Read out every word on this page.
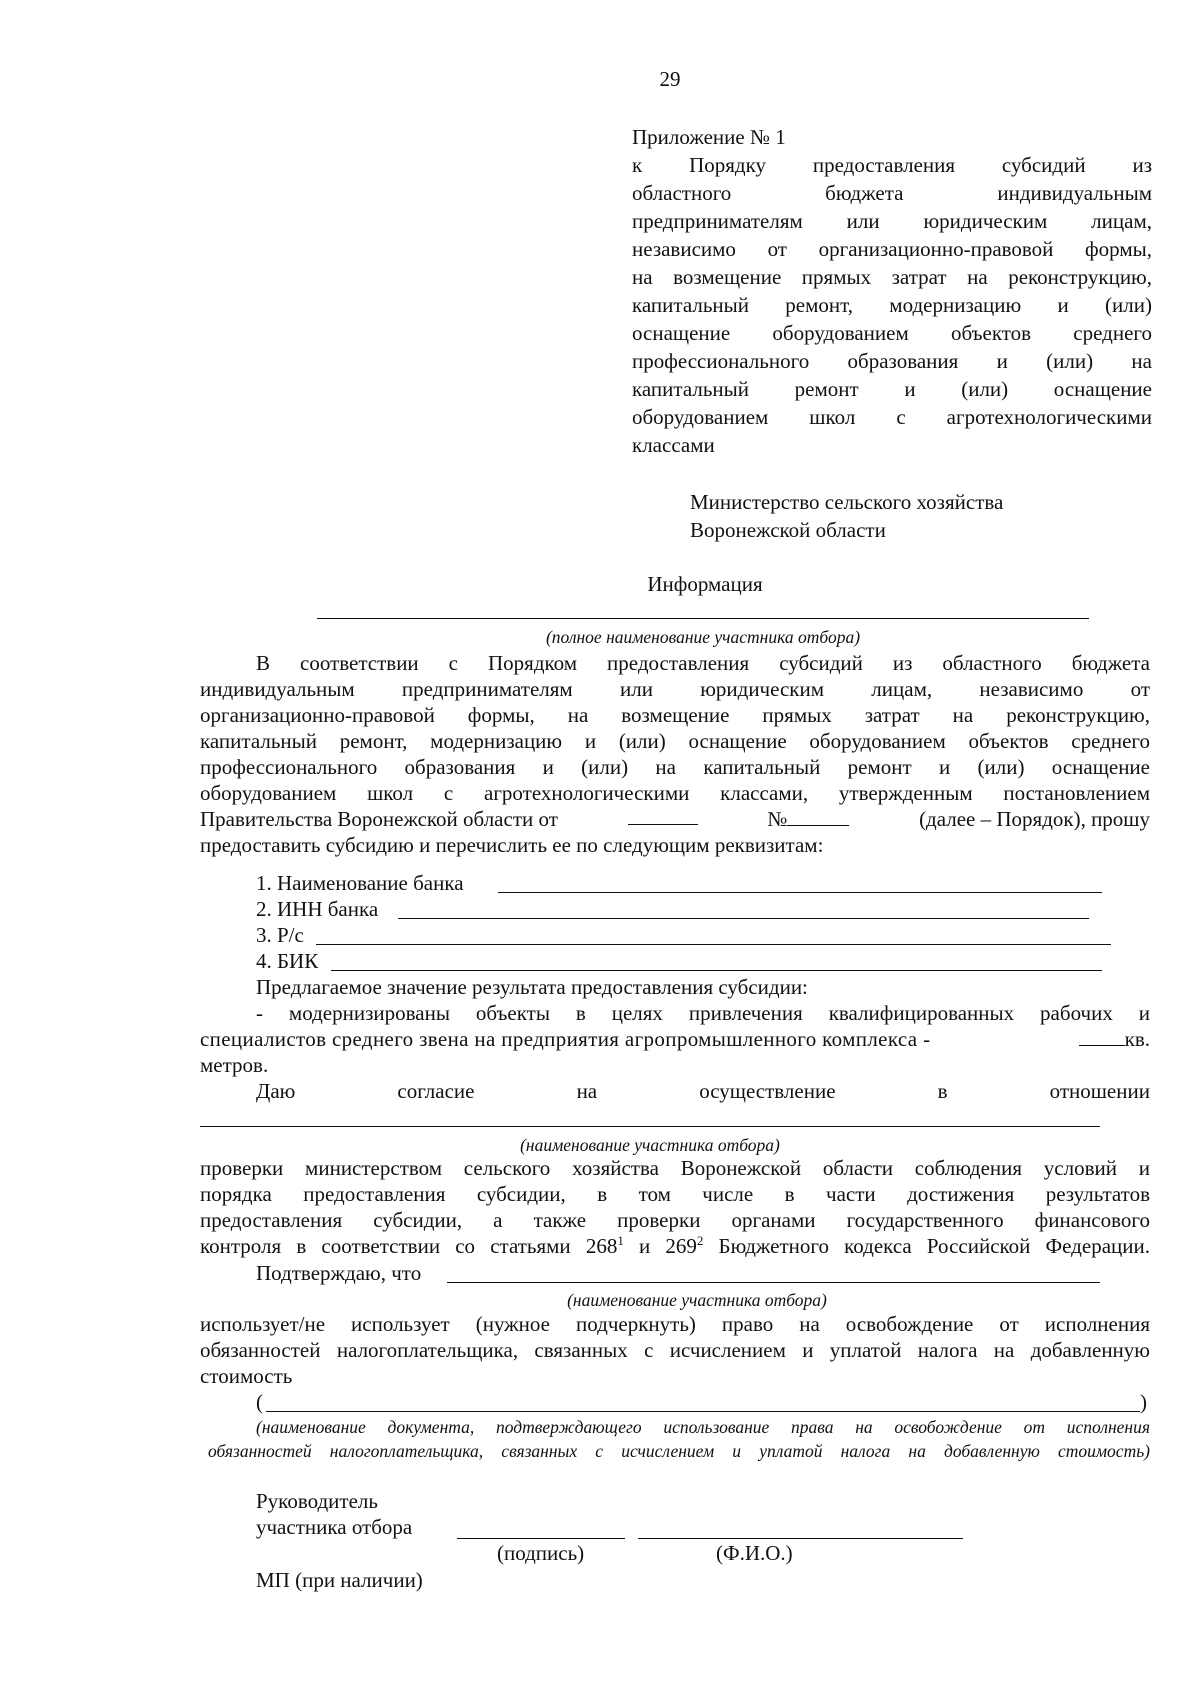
29
Приложение № 1
к Порядку предоставления субсидий из
областного бюджета индивидуальным
предпринимателям или юридическим лицам,
независимо от организационно-правовой формы,
на возмещение прямых затрат на реконструкцию,
капитальный ремонт, модернизацию и (или)
оснащение оборудованием объектов среднего
профессионального образования и (или) на
капитальный ремонт и (или) оснащение
оборудованием школ с агротехнологическими
классами
Министерство сельского хозяйства
Воронежской области
Информация
(полное наименование участника отбора)
В соответствии с Порядком предоставления субсидий из областного бюджета
индивидуальным предпринимателям или юридическим лицам, независимо от
организационно-правовой формы, на возмещение прямых затрат на реконструкцию,
капитальный ремонт, модернизацию и (или) оснащение оборудованием объектов среднего
профессионального образования и (или) на капитальный ремонт и (или) оснащение
оборудованием школ с агротехнологическими классами, утвержденным постановлением
Правительства Воронежской области от	№	(далее – Порядок), прошу
предоставить субсидию и перечислить ее по следующим реквизитам:
1. Наименование банка
2. ИНН банка
3. Р/с
4. БИК
Предлагаемое значение результата предоставления субсидии:
- модернизированы объекты в целях привлечения квалифицированных рабочих и
специалистов среднего звена на предприятия агропромышленного комплекса -	кв.
метров.
Даю	согласие	на	осуществление	в	отношении
(наименование участника отбора)
проверки министерством сельского хозяйства Воронежской области соблюдения условий и
порядка предоставления субсидии, в том числе в части достижения результатов
предоставления субсидии, а также проверки органами государственного финансового
контроля в соответствии со статьями $268^1$ и $269^2$ Бюджетного кодекса Российской Федерации.
Подтверждаю, что
(наименование участника отбора)
использует/не использует (нужное подчеркнуть) право на освобождение от исполнения
обязанностей налогоплательщика, связанных с исчислением и уплатой налога на добавленную
стоимость
(	)
(наименование документа, подтверждающего использование права на освобождение от исполнения
обязанностей налогоплательщика, связанных с исчислением и уплатой налога на добавленную стоимость)
Руководитель
участника отбора
(подпись)	(Ф.И.О.)
МП (при наличии)
